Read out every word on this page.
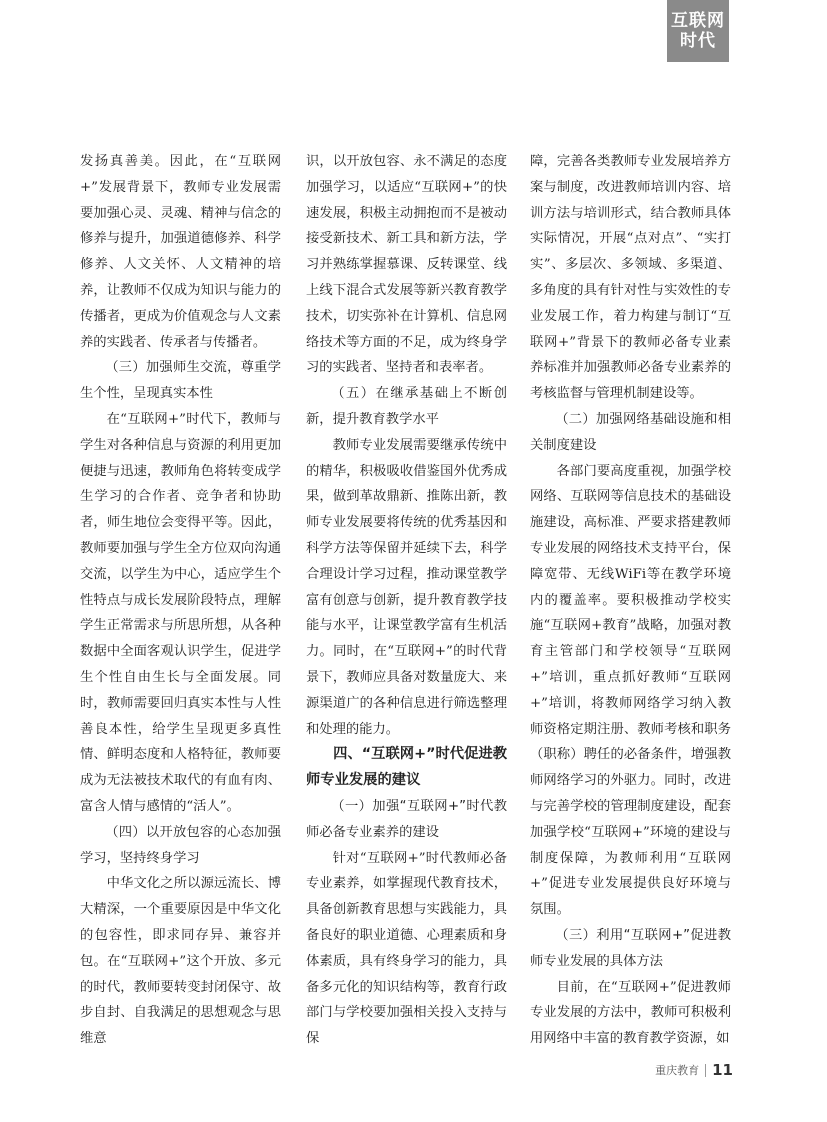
互联网
时代

发扬真善美。因此，在“互联网+”发展背景下，教师专业发展需要加强心灵、灵魂、精神与信念的修养与提升，加强道德修养、科学修养、人文关怀、人文精神的培养，让教师不仅成为知识与能力的传播者，更成为价值观念与人文素养的实践者、传承者与传播者。

（三）加强师生交流，尊重学生个性，呈现真实本性

在“互联网+”时代下，教师与学生对各种信息与资源的利用更加便捷与迅速，教师角色将转变成学生学习的合作者、竞争者和协助者，师生地位会变得平等。因此，教师要加强与学生全方位双向沟通交流，以学生为中心，适应学生个性特点与成长发展阶段特点，理解学生正常需求与所思所想，从各种数据中全面客观认识学生，促进学生个性自由生长与全面发展。同时，教师需要回归真实本性与人性善良本性，给学生呈现更多真性情、鲜明态度和人格特征，教师要成为无法被技术取代的有血有肉、富含人情与感情的“活人”。

（四）以开放包容的心态加强学习，坚持终身学习

中华文化之所以源远流长、博大精深，一个重要原因是中华文化的包容性，即求同存异、兼容并包。在“互联网+”这个开放、多元的时代，教师要转变封闭保守、故步自封、自我满足的思想观念与思维意

识，以开放包容、永不满足的态度加强学习，以适应“互联网+”的快速发展，积极主动拥抱而不是被动接受新技术、新工具和新方法，学习并熟练掌握慕课、反转课堂、线上线下混合式发展等新兴教育教学技术，切实弥补在计算机、信息网络技术等方面的不足，成为终身学习的实践者、坚持者和表率者。

（五）在继承基础上不断创新，提升教育教学水平

教师专业发展需要继承传统中的精华，积极吸收借鉴国外优秀成果，做到革故鼎新、推陈出新，教师专业发展要将传统的优秀基因和科学方法等保留并延续下去，科学合理设计学习过程，推动课堂教学富有创意与创新，提升教育教学技能与水平，让课堂教学富有生机活力。同时，在“互联网+”的时代背景下，教师应具备对数量庞大、来源渠道广的各种信息进行筛选整理和处理的能力。

四、“互联网+”时代促进教师专业发展的建议

（一）加强“互联网+”时代教师必备专业素养的建设

针对“互联网+”时代教师必备专业素养，如掌握现代教育技术，具备创新教育思想与实践能力，具备良好的职业道德、心理素质和身体素质，具有终身学习的能力，具备多元化的知识结构等，教育行政部门与学校要加强相关投入支持与保

障，完善各类教师专业发展培养方案与制度，改进教师培训内容、培训方法与培训形式，结合教师具体实际情况，开展“点对点”、“实打实”、多层次、多领域、多渠道、多角度的具有针对性与实效性的专业发展工作，着力构建与制订“互联网+”背景下的教师必备专业素养标准并加强教师必备专业素养的考核监督与管理机制建设等。

（二）加强网络基础设施和相关制度建设

各部门要高度重视，加强学校网络、互联网等信息技术的基础设施建设，高标准、严要求搭建教师专业发展的网络技术支持平台，保障宽带、无线WiFi等在教学环境内的覆盖率。要积极推动学校实施“互联网+教育”战略，加强对教育主管部门和学校领导“互联网+”培训，重点抓好教师“互联网+”培训，将教师网络学习纳入教师资格定期注册、教师考核和职务（职称）聘任的必备条件，增强教师网络学习的外驱力。同时，改进与完善学校的管理制度建设，配套加强学校“互联网+”环境的建设与制度保障，为教师利用“互联网+”促进专业发展提供良好环境与氛围。

（三）利用“互联网+”促进教师专业发展的具体方法

目前，在“互联网+”促进教师专业发展的方法中，教师可积极利用网络中丰富的教育教学资源，如

重庆教育 11
